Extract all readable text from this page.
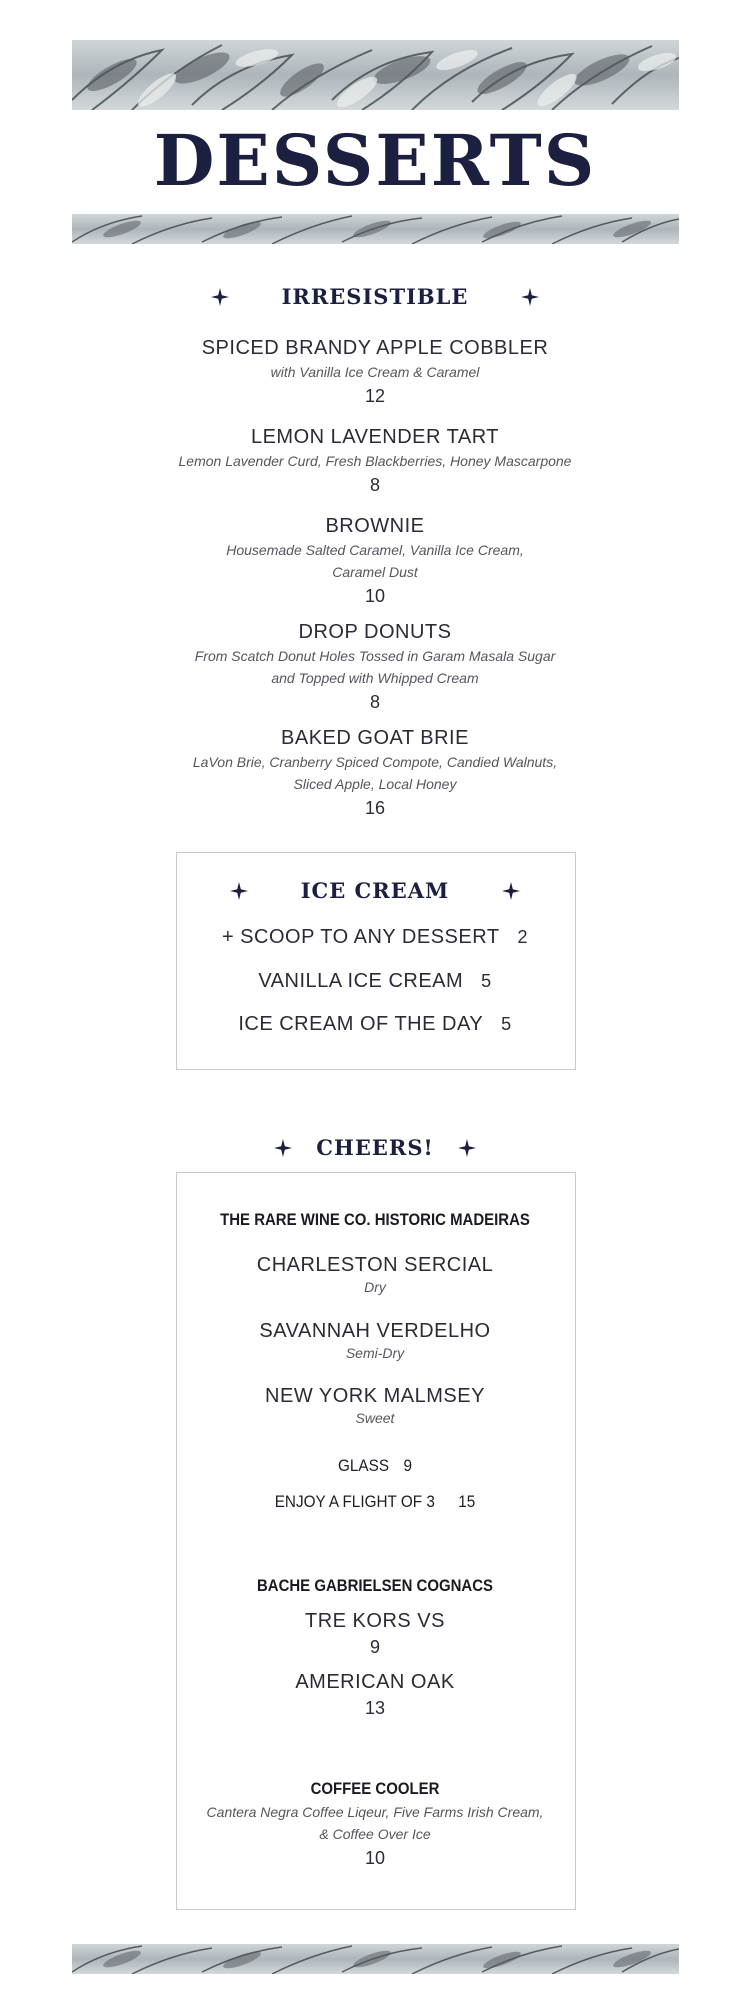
DESSERTS
IRRESISTIBLE
SPICED BRANDY APPLE COBBLER
with Vanilla Ice Cream & Caramel
12
LEMON LAVENDER TART
Lemon Lavender Curd, Fresh Blackberries, Honey Mascarpone
8
BROWNIE
Housemade Salted Caramel, Vanilla Ice Cream,
Caramel Dust
10
DROP DONUTS
From Scatch Donut Holes Tossed in Garam Masala Sugar
and Topped with Whipped Cream
8
BAKED GOAT BRIE
LaVon Brie, Cranberry Spiced Compote, Candied Walnuts,
Sliced Apple, Local Honey
16
ICE CREAM
+ SCOOP TO ANY DESSERT 2
VANILLA ICE CREAM 5
ICE CREAM OF THE DAY 5
CHEERS!
THE RARE WINE CO. HISTORIC MADEIRAS
CHARLESTON SERCIAL
Dry
SAVANNAH VERDELHO
Semi-Dry
NEW YORK MALMSEY
Sweet
GLASS 9
ENJOY A FLIGHT OF 3 15
BACHE GABRIELSEN COGNACS
TRE KORS VS
9
AMERICAN OAK
13
COFFEE COOLER
Cantera Negra Coffee Liqeur, Five Farms Irish Cream,
& Coffee Over Ice
10
